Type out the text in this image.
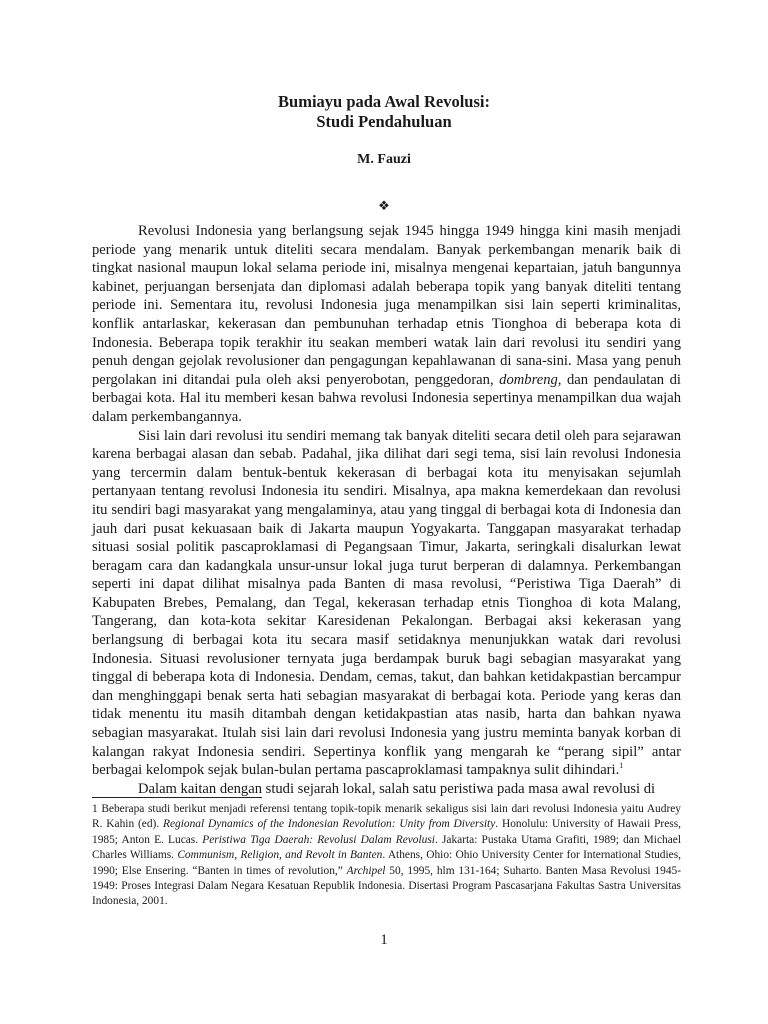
Bumiayu pada Awal Revolusi:
Studi Pendahuluan
M. Fauzi
❖

Revolusi Indonesia yang berlangsung sejak 1945 hingga 1949 hingga kini masih menjadi periode yang menarik untuk diteliti secara mendalam. Banyak perkembangan menarik baik di tingkat nasional maupun lokal selama periode ini, misalnya mengenai kepartaian, jatuh bangunnya kabinet, perjuangan bersenjata dan diplomasi adalah beberapa topik yang banyak diteliti tentang periode ini. Sementara itu, revolusi Indonesia juga menampilkan sisi lain seperti kriminalitas, konflik antarlaskar, kekerasan dan pembunuhan terhadap etnis Tionghoa di beberapa kota di Indonesia. Beberapa topik terakhir itu seakan memberi watak lain dari revolusi itu sendiri yang penuh dengan gejolak revolusioner dan pengagungan kepahlawanan di sana-sini. Masa yang penuh pergolakan ini ditandai pula oleh aksi penyerobotan, penggedoran, dombreng, dan pendaulatan di berbagai kota. Hal itu memberi kesan bahwa revolusi Indonesia sepertinya menampilkan dua wajah dalam perkembangannya.

Sisi lain dari revolusi itu sendiri memang tak banyak diteliti secara detil oleh para sejarawan karena berbagai alasan dan sebab. Padahal, jika dilihat dari segi tema, sisi lain revolusi Indonesia yang tercermin dalam bentuk-bentuk kekerasan di berbagai kota itu menyisakan sejumlah pertanyaan tentang revolusi Indonesia itu sendiri. Misalnya, apa makna kemerdekaan dan revolusi itu sendiri bagi masyarakat yang mengalaminya, atau yang tinggal di berbagai kota di Indonesia dan jauh dari pusat kekuasaan baik di Jakarta maupun Yogyakarta. Tanggapan masyarakat terhadap situasi sosial politik pascaproklamasi di Pegangsaan Timur, Jakarta, seringkali disalurkan lewat beragam cara dan kadangkala unsur-unsur lokal juga turut berperan di dalamnya. Perkembangan seperti ini dapat dilihat misalnya pada Banten di masa revolusi, “Peristiwa Tiga Daerah” di Kabupaten Brebes, Pemalang, dan Tegal, kekerasan terhadap etnis Tionghoa di kota Malang, Tangerang, dan kota-kota sekitar Karesidenan Pekalongan. Berbagai aksi kekerasan yang berlangsung di berbagai kota itu secara masif setidaknya menunjukkan watak dari revolusi Indonesia. Situasi revolusioner ternyata juga berdampak buruk bagi sebagian masyarakat yang tinggal di beberapa kota di Indonesia. Dendam, cemas, takut, dan bahkan ketidakpastian bercampur dan menghinggapi benak serta hati sebagian masyarakat di berbagai kota. Periode yang keras dan tidak menentu itu masih ditambah dengan ketidakpastian atas nasib, harta dan bahkan nyawa sebagian masyarakat. Itulah sisi lain dari revolusi Indonesia yang justru meminta banyak korban di kalangan rakyat Indonesia sendiri. Sepertinya konflik yang mengarah ke “perang sipil” antar berbagai kelompok sejak bulan-bulan pertama pascaproklamasi tampaknya sulit dihindari.$^1$

Dalam kaitan dengan studi sejarah lokal, salah satu peristiwa pada masa awal revolusi di

1 Beberapa studi berikut menjadi referensi tentang topik-topik menarik sekaligus sisi lain dari revolusi Indonesia yaitu Audrey R. Kahin (ed). Regional Dynamics of the Indonesian Revolution: Unity from Diversity. Honolulu: University of Hawaii Press, 1985; Anton E. Lucas. Peristiwa Tiga Daerah: Revolusi Dalam Revolusi. Jakarta: Pustaka Utama Grafiti, 1989; dan Michael Charles Williams. Communism, Religion, and Revolt in Banten. Athens, Ohio: Ohio University Center for International Studies, 1990; Else Ensering. “Banten in times of revolution,” Archipel 50, 1995, hlm 131-164; Suharto. Banten Masa Revolusi 1945-1949: Proses Integrasi Dalam Negara Kesatuan Republik Indonesia. Disertasi Program Pascasarjana Fakultas Sastra Universitas Indonesia, 2001.
1
